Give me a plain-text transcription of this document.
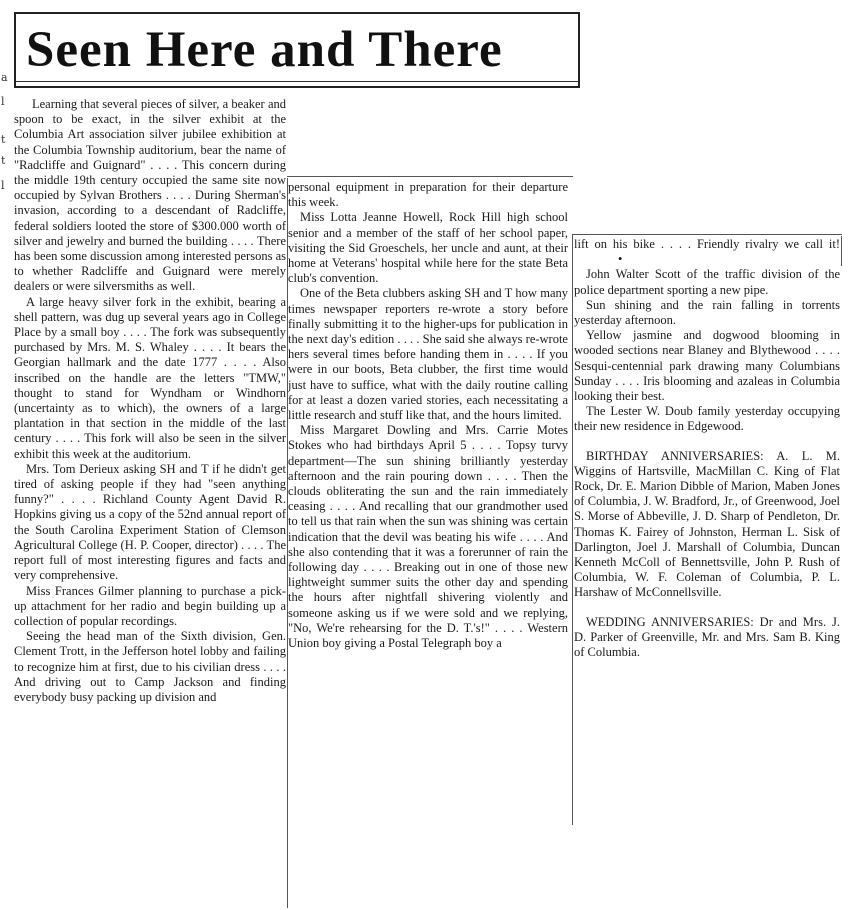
Seen Here and There
a
l
t
t
l

Learning that several pieces of silver, a beaker and spoon to be exact, in the silver exhibit at the Columbia Art association silver jubilee exhibition at the Columbia Township auditorium, bear the name of "Radcliffe and Guignard" . . . . This concern during the middle 19th century occupied the same site now occupied by Sylvan Brothers . . . . During Sherman's invasion, according to a descendant of Radcliffe, federal soldiers looted the store of $300.000 worth of silver and jewelry and burned the building . . . . There has been some discussion among interested persons as to whether Radcliffe and Guignard were merely dealers or were silversmiths as well.

A large heavy silver fork in the exhibit, bearing a shell pattern, was dug up several years ago in College Place by a small boy . . . . The fork was subsequently purchased by Mrs. M. S. Whaley . . . . It bears the Georgian hallmark and the date 1777 . . . . Also inscribed on the handle are the letters "TMW," thought to stand for Wyndham or Windhorn (uncertainty as to which), the owners of a large plantation in that section in the middle of the last century . . . . This fork will also be seen in the silver exhibit this week at the auditorium.

Mrs. Tom Derieux asking SH and T if he didn't get tired of asking people if they had "seen anything funny?" . . . . Richland County Agent David R. Hopkins giving us a copy of the 52nd annual report of the South Carolina Experiment Station of Clemson Agricultural College (H. P. Cooper, director) . . . . The report full of most interesting figures and facts and very comprehensive.

Miss Frances Gilmer planning to purchase a pick-up attachment for her radio and begin building up a collection of popular recordings.

Seeing the head man of the Sixth division, Gen. Clement Trott, in the Jefferson hotel lobby and failing to recognize him at first, due to his civilian dress . . . . And driving out to Camp Jackson and finding everybody busy packing up division and

personal equipment in preparation for their departure this week.

Miss Lotta Jeanne Howell, Rock Hill high school senior and a member of the staff of her school paper, visiting the Sid Groeschels, her uncle and aunt, at their home at Veterans' hospital while here for the state Beta club's convention.

One of the Beta clubbers asking SH and T how many times newspaper reporters re-wrote a story before finally submitting it to the higher-ups for publication in the next day's edition . . . . She said she always re-wrote hers several times before handing them in . . . . If you were in our boots, Beta clubber, the first time would just have to suffice, what with the daily routine calling for at least a dozen varied stories, each necessitating a little research and stuff like that, and the hours limited.

Miss Margaret Dowling and Mrs. Carrie Motes Stokes who had birthdays April 5 . . . . Topsy turvy department—The sun shining brilliantly yesterday afternoon and the rain pouring down . . . . Then the clouds obliterating the sun and the rain immediately ceasing . . . . And recalling that our grandmother used to tell us that rain when the sun was shining was certain indication that the devil was beating his wife . . . . And she also contending that it was a forerunner of rain the following day . . . . Breaking out in one of those new lightweight summer suits the other day and spending the hours after nightfall shivering violently and someone asking us if we were sold and we replying, "No, We're rehearsing for the D. T.'s!" . . . . Western Union boy giving a Postal Telegraph boy a

lift on his bike . . . . Friendly rivalry we call it!•

John Walter Scott of the traffic division of the police department sporting a new pipe.

Sun shining and the rain falling in torrents yesterday afternoon.

Yellow jasmine and dogwood blooming in wooded sections near Blaney and Blythewood . . . . Sesqui-centennial park drawing many Columbians Sunday . . . . Iris blooming and azaleas in Columbia looking their best.

The Lester W. Doub family yesterday occupying their new residence in Edgewood.

BIRTHDAY ANNIVERSARIES: A. L. M. Wiggins of Hartsville, MacMillan C. King of Flat Rock, Dr. E. Marion Dibble of Marion, Maben Jones of Columbia, J. W. Bradford, Jr., of Greenwood, Joel S. Morse of Abbeville, J. D. Sharp of Pendleton, Dr. Thomas K. Fairey of Johnston, Herman L. Sisk of Darlington, Joel J. Marshall of Columbia, Duncan Kenneth McColl of Bennettsville, John P. Rush of Columbia, W. F. Coleman of Columbia, P. L. Harshaw of McConnellsville.

WEDDING ANNIVERSARIES: Dr and Mrs. J. D. Parker of Greenville, Mr. and Mrs. Sam B. King of Columbia.
